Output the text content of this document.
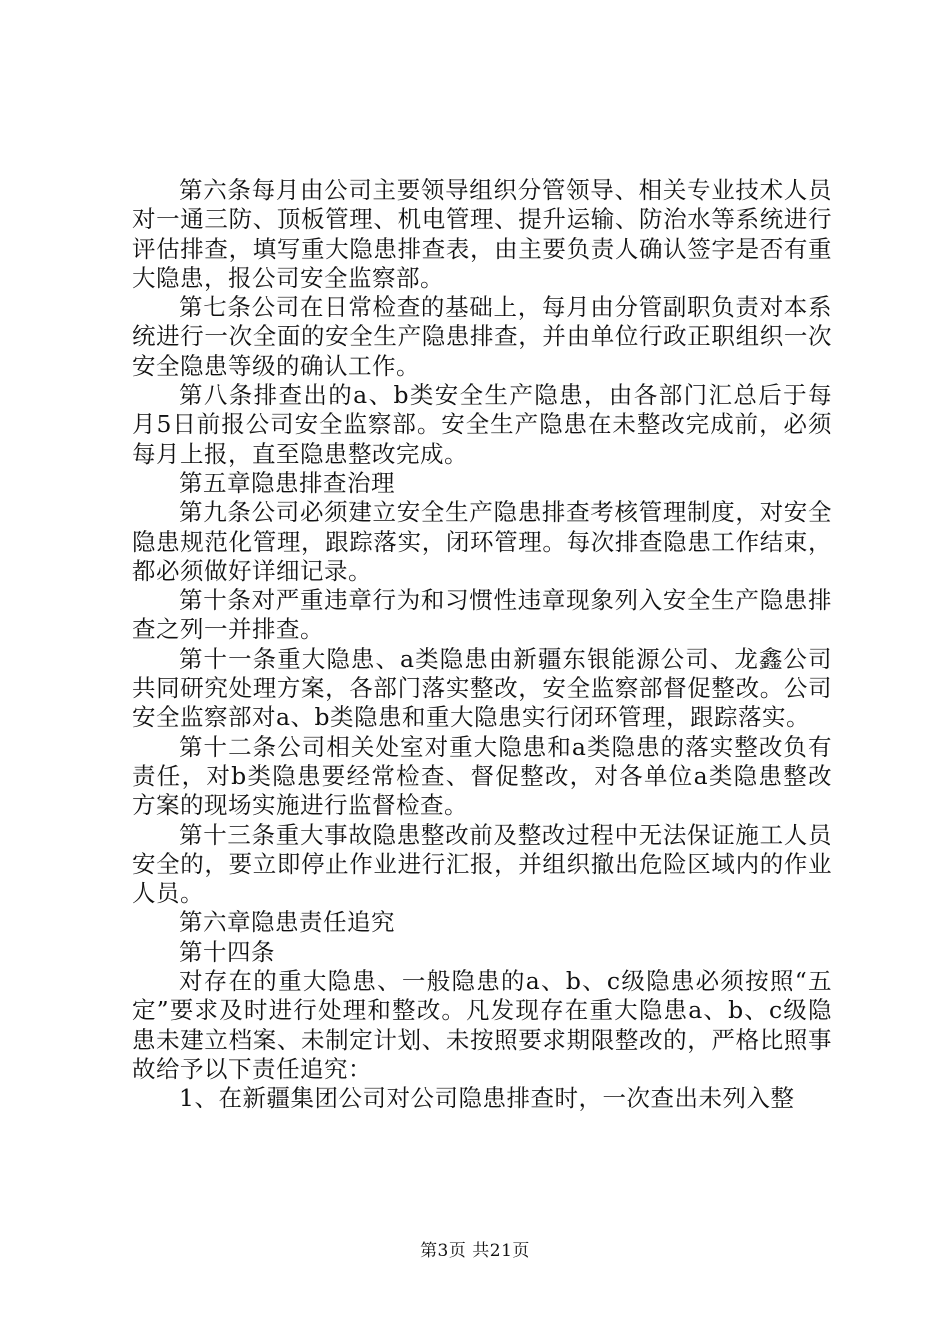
第六条每月由公司主要领导组织分管领导、相关专业技术人员对一通三防、顶板管理、机电管理、提升运输、防治水等系统进行评估排查，填写重大隐患排查表，由主要负责人确认签字是否有重大隐患，报公司安全监察部。

第七条公司在日常检查的基础上，每月由分管副职负责对本系统进行一次全面的安全生产隐患排查，并由单位行政正职组织一次安全隐患等级的确认工作。

第八条排查出的a、b类安全生产隐患，由各部门汇总后于每月5日前报公司安全监察部。安全生产隐患在未整改完成前，必须每月上报，直至隐患整改完成。

第五章隐患排查治理

第九条公司必须建立安全生产隐患排查考核管理制度，对安全隐患规范化管理，跟踪落实，闭环管理。每次排查隐患工作结束，都必须做好详细记录。

第十条对严重违章行为和习惯性违章现象列入安全生产隐患排查之列一并排查。

第十一条重大隐患、a类隐患由新疆东银能源公司、龙鑫公司共同研究处理方案，各部门落实整改，安全监察部督促整改。公司安全监察部对a、b类隐患和重大隐患实行闭环管理，跟踪落实。

第十二条公司相关处室对重大隐患和a类隐患的落实整改负有责任，对b类隐患要经常检查、督促整改，对各单位a类隐患整改方案的现场实施进行监督检查。

第十三条重大事故隐患整改前及整改过程中无法保证施工人员安全的，要立即停止作业进行汇报，并组织撤出危险区域内的作业人员。

第六章隐患责任追究

第十四条

对存在的重大隐患、一般隐患的a、b、c级隐患必须按照“五定”要求及时进行处理和整改。凡发现存在重大隐患a、b、c级隐患未建立档案、未制定计划、未按照要求期限整改的，严格比照事故给予以下责任追究：

1、在新疆集团公司对公司隐患排查时，一次查出未列入整

第3页 共21页
